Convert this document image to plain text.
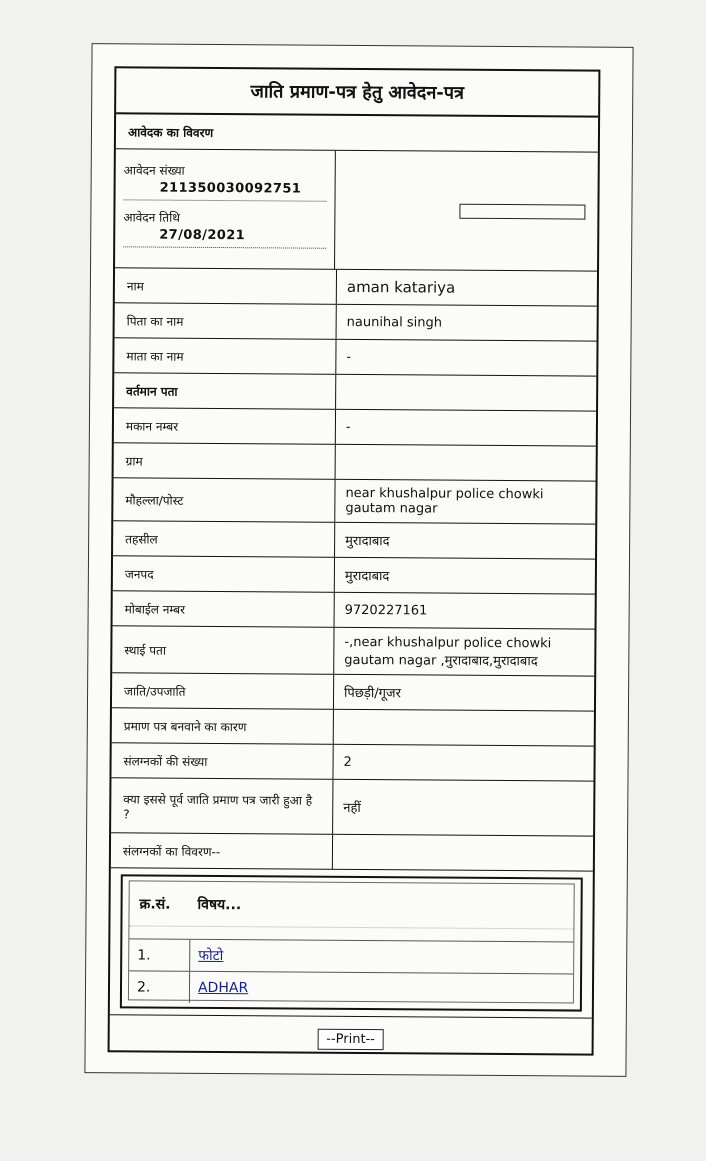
जाति प्रमाण-पत्र हेतु आवेदन-पत्र
आवेदक का विवरण
आवेदन संख्या
211350030092751
आवेदन तिथि
27/08/2021
नाम	aman katariya
पिता का नाम	naunihal singh
माता का नाम	-
वर्तमान पता
मकान नम्बर	-
ग्राम
मौहल्ला/पोस्ट	near khushalpur police chowki gautam nagar
तहसील	मुरादाबाद
जनपद	मुरादाबाद
मोबाईल नम्बर	9720227161
स्थाई पता	-,near khushalpur police chowki gautam nagar ,मुरादाबाद,मुरादाबाद
जाति/उपजाति	पिछड़ी/गूजर
प्रमाण पत्र बनवाने का कारण
संलग्नकों की संख्या	2
क्या इससे पूर्व जाति प्रमाण पत्र जारी हुआ है ?	नहीं
संलग्नकों का विवरण--
क्र.सं.	विषय...
1.	फोटो
2.	ADHAR
--Print--
